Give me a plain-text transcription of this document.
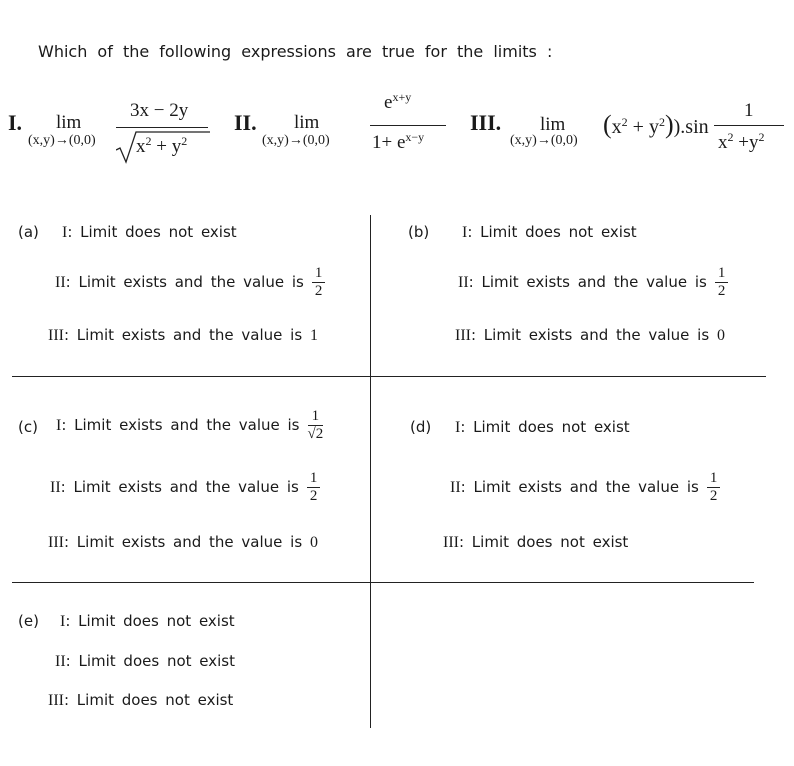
Which of the following expressions are true for the limits :
I. lim
(x,y)→(0,0)
3x − 2y
$x^2 + y^2$
II. lim
(x,y)→(0,0)
$e^{x+y}$
$1+ e^{x-y}$
III. lim
(x,y)→(0,0)
$(x^2 + y^2)).\sin$
1
$x^2 +y^2$
(a) I: Limit does not exist
II: Limit exists and the value is $\frac{1}{2}$
III: Limit exists and the value is 1
(b) I: Limit does not exist
II: Limit exists and the value is $\frac{1}{2}$
III: Limit exists and the value is 0
(c) I: Limit exists and the value is $\frac{1}{√2}$
II: Limit exists and the value is $\frac{1}{2}$
III: Limit exists and the value is 0
(d) I: Limit does not exist
II: Limit exists and the value is $\frac{1}{2}$
III: Limit does not exist
(e) I: Limit does not exist
II: Limit does not exist
III: Limit does not exist
